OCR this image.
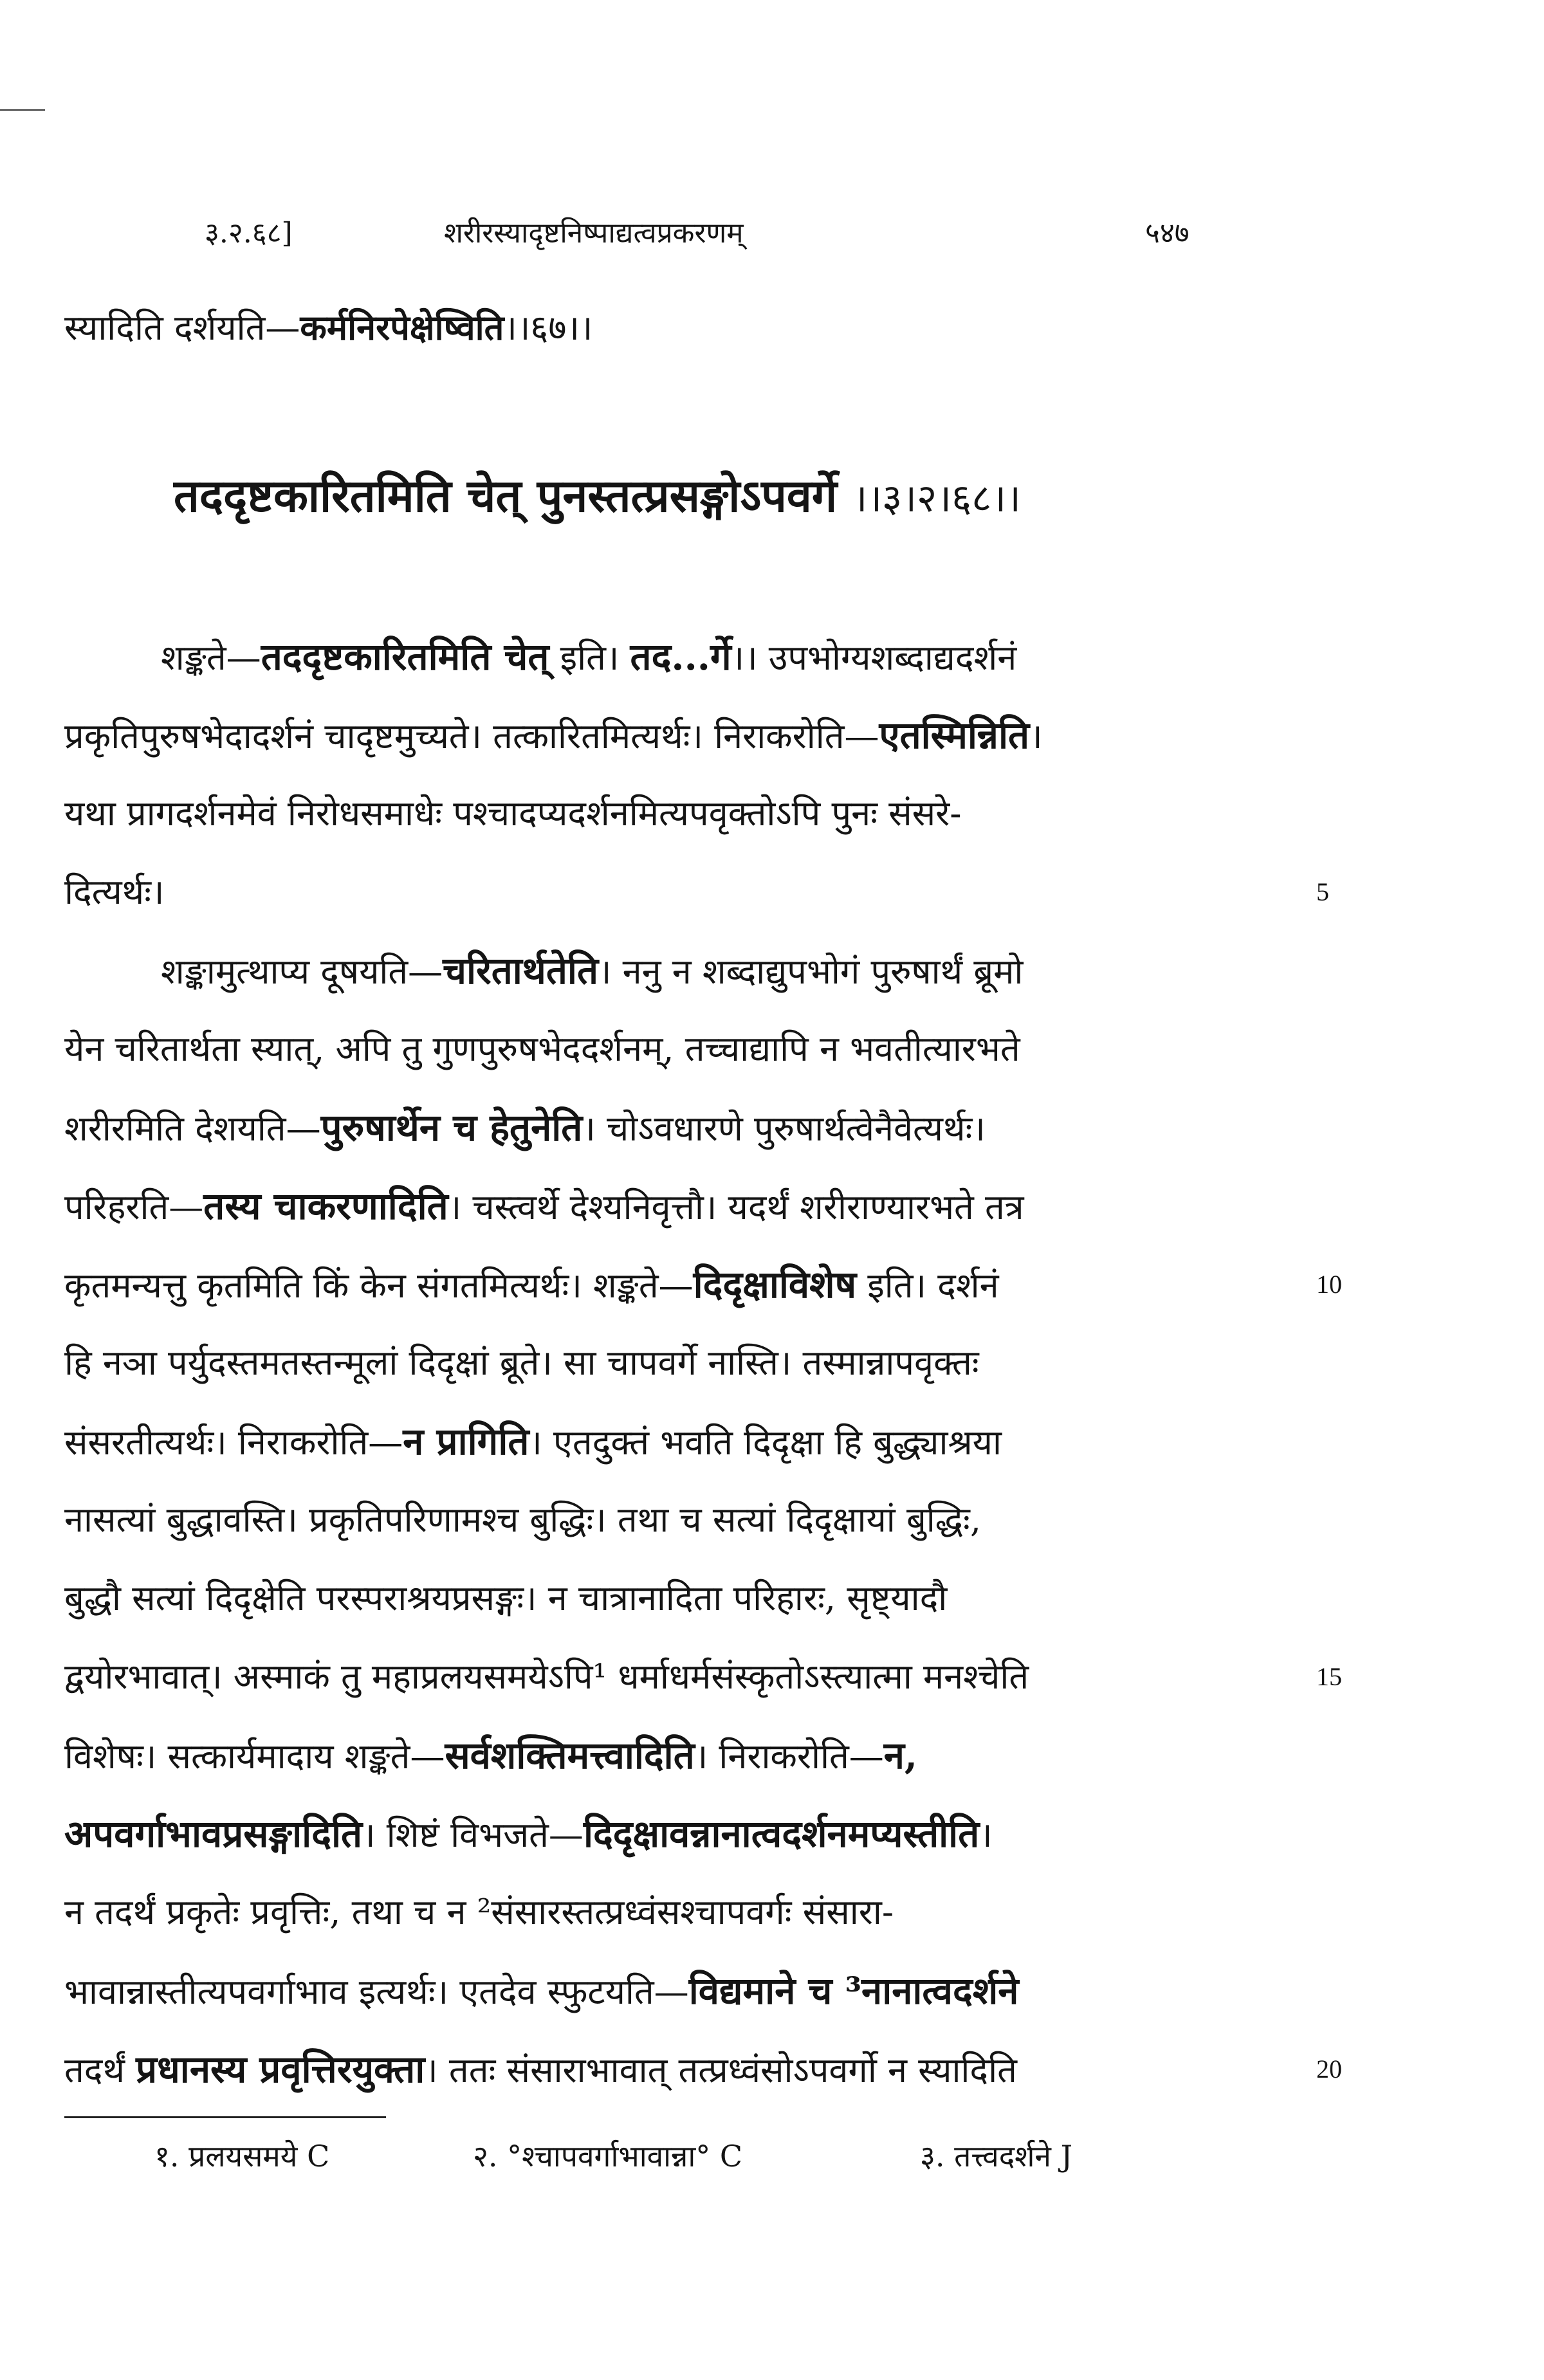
३.२.६८]	शरीरस्यादृष्टनिष्पाद्यत्वप्रकरणम्	५४७
स्यादिति दर्शयति—कर्मनिरपेक्षेष्विति।।६७।।
तददृष्टकारितमिति चेत् पुनस्तत्प्रसङ्गोऽपवर्गे ।।३।२।६८।।
शङ्कते—तददृष्टकारितमिति चेत् इति। तद...र्गे।। उपभोग्यशब्दाद्यदर्शनं
प्रकृतिपुरुषभेदादर्शनं चादृष्टमुच्यते। तत्कारितमित्यर्थः। निराकरोति—एतस्मिन्निति।
यथा प्रागदर्शनमेवं निरोधसमाधेः पश्चादप्यदर्शनमित्यपवृक्तोऽपि पुनः संसरे-
दित्यर्थः।	5
शङ्कामुत्थाप्य दूषयति—चरितार्थतेति। ननु न शब्दाद्युपभोगं पुरुषार्थं ब्रूमो
येन चरितार्थता स्यात्, अपि तु गुणपुरुषभेददर्शनम्, तच्चाद्यापि न भवतीत्यारभते
शरीरमिति देशयति—पुरुषार्थेन च हेतुनेति। चोऽवधारणे पुरुषार्थत्वेनैवेत्यर्थः।
परिहरति—तस्य चाकरणादिति। चस्त्वर्थे देश्यनिवृत्तौ। यदर्थं शरीराण्यारभते तत्र
कृतमन्यत्तु कृतमिति किं केन संगतमित्यर्थः। शङ्कते—दिदृक्षाविशेष इति। दर्शनं	10
हि नञा पर्युदस्तमतस्तन्मूलां दिदृक्षां ब्रूते। सा चापवर्गे नास्ति। तस्मान्नापवृक्तः
संसरतीत्यर्थः। निराकरोति—न प्रागिति। एतदुक्तं भवति दिदृक्षा हि बुद्ध्याश्रया
नासत्यां बुद्धावस्ति। प्रकृतिपरिणामश्च बुद्धिः। तथा च सत्यां दिदृक्षायां बुद्धिः,
बुद्धौ सत्यां दिदृक्षेति परस्पराश्रयप्रसङ्गः। न चात्रानादिता परिहारः, सृष्ट्यादौ
द्वयोरभावात्। अस्माकं तु महाप्रलयसमयेऽपि¹ धर्माधर्मसंस्कृतोऽस्त्यात्मा मनश्चेति	15
विशेषः। सत्कार्यमादाय शङ्कते—सर्वशक्तिमत्त्वादिति। निराकरोति—न,
अपवर्गाभावप्रसङ्गादिति। शिष्टं विभजते—दिदृक्षावन्नानात्वदर्शनमप्यस्तीति।
न तदर्थं प्रकृतेः प्रवृत्तिः, तथा च न ²संसारस्तत्प्रध्वंसश्चापवर्गः संसारा-
भावान्नास्तीत्यपवर्गाभाव इत्यर्थः। एतदेव स्फुटयति—विद्यमाने च ³नानात्वदर्शने
तदर्थं प्रधानस्य प्रवृत्तिरयुक्ता। ततः संसाराभावात् तत्प्रध्वंसोऽपवर्गो न स्यादिति	20
१. प्रलयसमये C	२. °श्चापवर्गाभावान्ना° C	३. तत्त्वदर्शने J
